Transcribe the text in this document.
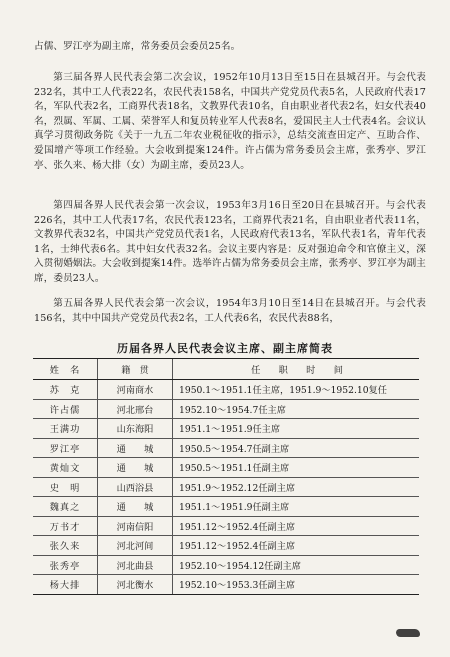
占儒、罗江亭为副主席，常务委员会委员25名。

第三届各界人民代表会第二次会议，1952年10月13日至15日在县城召开。与会代表232名，其中工人代表22名，农民代表158名，中国共产党党员代表5名，人民政府代表17名，军队代表2名，工商界代表18名，文教界代表10名，自由职业者代表2名，妇女代表40名，烈属、军属、工属、荣誉军人和复员转业军人代表8名，爱国民主人士代表4名。会议认真学习贯彻政务院《关于一九五二年农业税征收的指示》，总结交流查田定产、互助合作、爱国增产等项工作经验。大会收到提案124件。许占儒为常务委员会主席，张秀亭、罗江亭、张久来、杨大排（女）为副主席，委员23人。

第四届各界人民代表会第一次会议，1953年3月16日至20日在县城召开。与会代表226名，其中工人代表17名，农民代表123名，工商界代表21名，自由职业者代表11名，文教界代表32名，中国共产党党员代表1名，人民政府代表13名，军队代表1名，青年代表1名，士绅代表6名。其中妇女代表32名。会议主要内容是：反对强迫命令和官僚主义，深入贯彻婚姻法。大会收到提案14件。选举许占儒为常务委员会主席，张秀亭、罗江亭为副主席，委员23人。

第五届各界人民代表会第一次会议，1954年3月10日至14日在县城召开。与会代表156名，其中中国共产党党员代表2名，工人代表6名，农民代表88名，

历届各界人民代表会议主席、副主席简表
姓　名	籍　贯	任　　职　　时　　间
苏　克	河南商水	1950.1～1951.1任主席，1951.9～1952.10复任
许占儒	河北邢台	1952.10～1954.7任主席
王满功	山东海阳	1951.1～1951.9任主席
罗江亭	通　　城	1950.5～1954.7任副主席
黄灿文	通　　城	1950.5～1951.1任副主席
史　明	山西浴县	1951.9～1952.12任副主席
魏真之	通　　城	1951.1～1951.9任副主席
万书才	河南信阳	1951.12～1952.4任副主席
张久来	河北河间	1951.12～1952.4任副主席
张秀亭	河北曲县	1952.10～1954.12任副主席
杨大排	河北衡水	1952.10～1953.3任副主席
